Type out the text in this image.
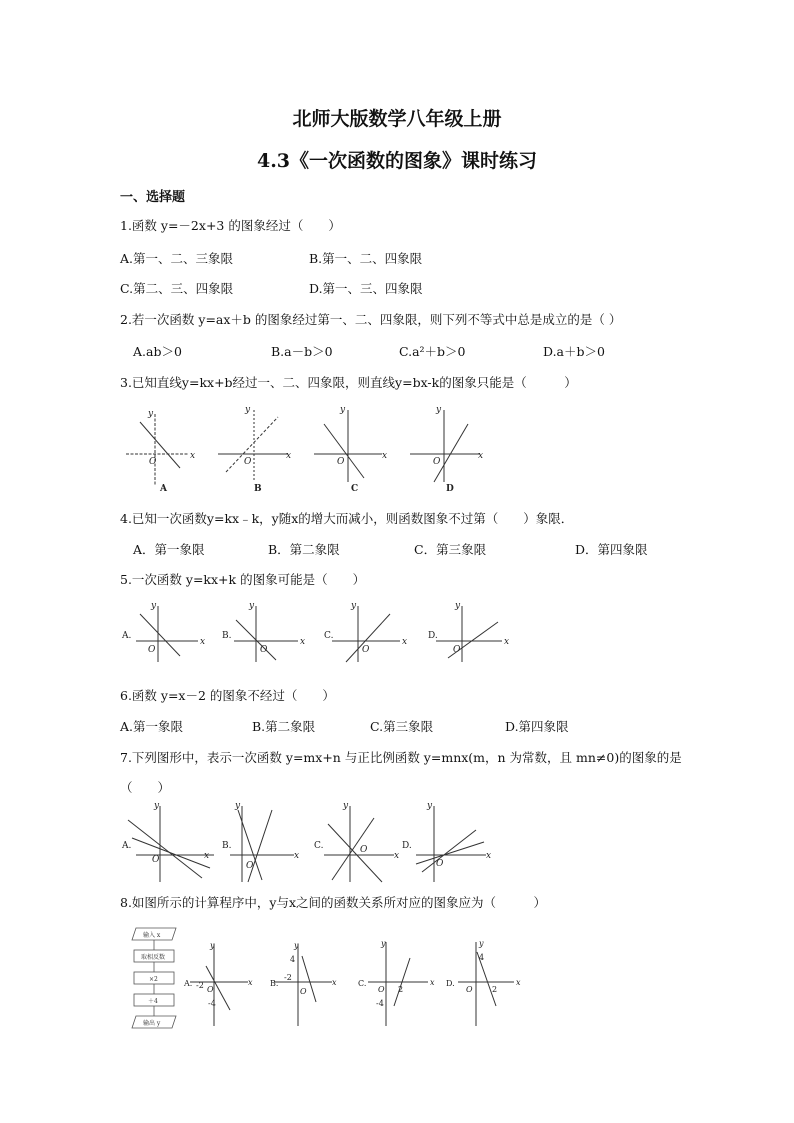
北师大版数学八年级上册
4.3《一次函数的图象》课时练习
一、选择题
1.函数 y=－2x+3 的图象经过（　　）
A.第一、二、三象限	B.第一、二、四象限
C.第二、三、四象限	D.第一、三、四象限
2.若一次函数 y=ax＋b 的图象经过第一、二、四象限，则下列不等式中总是成立的是（ ）
A.ab＞0	B.a－b＞0	C.a²＋b＞0	D.a＋b＞0
3.已知直线y=kx+b经过一、二、四象限，则直线y=bx-k的图象只能是（　　　）
y
O
x
A
y
O
x
B
y
O
x
C
y
O
x
D
4.已知一次函数y=kx﹣k，y随x的增大而减小，则函数图象不过第（　　）象限．
A．第一象限	B．第二象限	C．第三象限	D．第四象限
5.一次函数 y=kx+k 的图象可能是（　　）
A.
y
O
x
B.
y
O
x
C.
y
O
x
D.
y
O
x
6.函数 y=x－2 的图象不经过（　　）
A.第一象限	B.第二象限	C.第三象限	D.第四象限
7.下列图形中，表示一次函数 y=mx+n 与正比例函数 y=mnx(m，n 为常数，且 mn≠0)的图象的是
（　　）
A.
y
O	x
B.
y
O
x
C.
y
O
x
D.
y
O
x
8.如图所示的计算程序中，y与x之间的函数关系所对应的图象应为（　　　）
输入 x
取相反数
×2
＋4
输出 y
A.
y
O
x
-2
-4
B.
y
O
x
4
-2
C.
y
O
x
2
-4
D.
y
O
x
4
2
